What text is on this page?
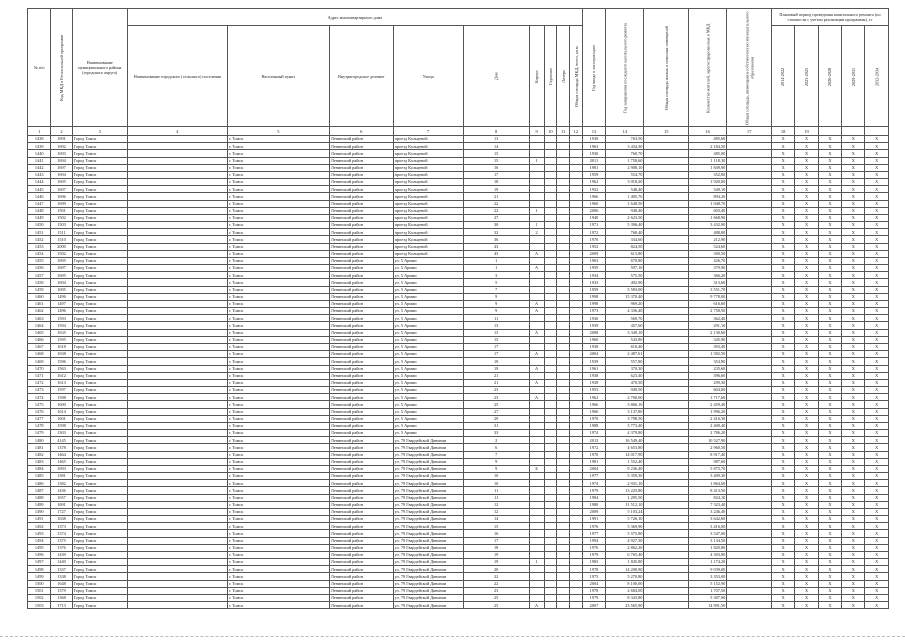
№ п/п	Код МКД в Региональной программе	Наименование муниципального района (городского округа)	Адрес многоквартирного дома									Год ввода в эксплуатацию	Год завершения последнего капитального ремонта	Общая площадь жилых и нежилых помещений	Количество жителей, зарегистрированных в МКД	Общая площадь, являющаяся собственностью муниципального образования	Плановый период проведения капитального ремонта (по стоимости с учетом реализации программы), гг				
			Наименование городского (сельского) поселения	Населенный пункт	Внутригородское деление	Улица	Дом	Корпус	Строение	Литера	Общая площадь МКД, всего, кв.м						2014-2022	2023-2025	2026-2028	2029-2031	2032-2034
1	2	3	4	5	6	7	8	9	10	11	12	13	14	15	16	17	18	19			
1438	1691	Город Томск		г. Томск	Ленинский район	проезд Кольцевой	13					1930	763,50		485,60		Х	Х	Х	Х	Х
1439	1692	Город Томск		г. Томск	Ленинский район	проезд Кольцевой	14					1963	3 434,30		2 184,50		Х	Х	Х	Х	Х
1440	1693	Город Томск		г. Томск	Ленинский район	проезд Кольцевой	15					1930	760,70		485,00		Х	Х	Х	Х	Х
1441	1694	Город Томск		г. Томск	Ленинский район	проезд Кольцевой	15	1				2011	1 758,60		1 118,30		Х	Х	Х	Х	Х
1442	1697	Город Томск		г. Томск	Ленинский район	проезд Кольцевой	16					1981	2 908,10		1 849,90		Х	Х	Х	Х	Х
1443	1694	Город Томск		г. Томск	Ленинский район	проезд Кольцевой	17					1959	554,70		352,80		Х	Х	Х	Х	Х
1444	1695	Город Томск		г. Томск	Ленинский район	проезд Кольцевой	18					1962	3 018,20		1 920,00		Х	Х	Х	Х	Х
1445	1697	Город Томск		г. Томск	Ленинский район	проезд Кольцевой	19					1952	548,40		349,10		Х	Х	Х	Х	Х
1446	1696	Город Томск		г. Томск	Ленинский район	проезд Кольцевой	21					1966	1 405,70		894,20		Х	Х	Х	Х	Х
1447	1699	Город Томск		г. Томск	Ленинский район	проезд Кольцевой	22					1960	1 648,50		1 048,70		Х	Х	Х	Х	Х
1448	1501	Город Томск		г. Томск	Ленинский район	проезд Кольцевой	22	1				2006	948,40		603,40		Х	Х	Х	Х	Х
1449	1502	Город Томск		г. Томск	Ленинский район	проезд Кольцевой	27					1940	2 623,50		1 668,90		Х	Х	Х	Х	Х
1450	1503	Город Томск		г. Томск	Ленинский район	проезд Кольцевой	30	1				1971	5 396,40		3 432,90		Х	Х	Х	Х	Х
1451	1511	Город Томск		г. Томск	Ленинский район	проезд Кольцевой	32	2				1972	768,40		488,80		Х	Х	Х	Х	Х
1452	1510	Город Томск		г. Томск	Ленинский район	проезд Кольцевой	36					1970	334,60		212,90		Х	Х	Х	Х	Х
1453	2000	Город Томск		г. Томск	Ленинский район	проезд Кольцевой	43					1952	824,50		524,60		Х	Х	Х	Х	Х
1454	1502	Город Томск		г. Томск	Ленинский район	проезд Кольцевой	43	А				2009	613,80		390,50		Х	Х	Х	Х	Х
1455	1695	Город Томск		г. Томск	Ленинский район	ул. 5 Армии	1					1963	670,80		426,70		Х	Х	Х	Х	Х
1456	1697	Город Томск		г. Томск	Ленинский район	ул. 5 Армии	1	А				1959	597,10		379,90		Х	Х	Х	Х	Х
1457	1695	Город Томск		г. Томск	Ленинский район	ул. 5 Армии	3					1934	575,50		366,20		Х	Х	Х	Х	Х
1458	1694	Город Томск		г. Томск	Ленинский район	ул. 5 Армии	5					1933	492,90		313,60		Х	Х	Х	Х	Х
1459	1695	Город Томск		г. Томск	Ленинский район	ул. 5 Армии	7					1959	5 583,00		3 551,70		Х	Х	Х	Х	Х
1460	1496	Город Томск		г. Томск	Ленинский район	ул. 5 Армии	9					1998	15 370,40		9 778,00		Х	Х	Х	Х	Х
1461	1497	Город Томск		г. Томск	Ленинский район	ул. 5 Армии	9	А				1998	969,20		616,60		Х	Х	Х	Х	Х
1462	1496	Город Томск		г. Томск	Ленинский район	ул. 5 Армии	9	А				1973	4 336,40		2 758,50		Х	Х	Х	Х	Х
1463	1593	Город Томск		г. Томск	Ленинский район	ул. 5 Армии	11					1936	569,70		362,40		Х	Х	Х	Х	Х
1464	1594	Город Томск		г. Томск	Ленинский район	ул. 5 Армии	13					1939	457,60		291,10		Х	Х	Х	Х	Х
1465	1635	Город Томск		г. Томск	Ленинский район	ул. 5 Армии	13	А				2008	3 349,10		2 130,60		Х	Х	Х	Х	Х
1466	1595	Город Томск		г. Томск	Ленинский район	ул. 5 Армии	15					1960	543,80		345,90		Х	Х	Х	Х	Х
1467	1618	Город Томск		г. Томск	Ленинский район	ул. 5 Армии	17					1938	618,40		393,40		Х	Х	Х	Х	Х
1468	1638	Город Томск		г. Томск	Ленинский район	ул. 5 Армии	17	А				2004	2 487,61		1 582,50		Х	Х	Х	Х	Х
1469	1596	Город Томск		г. Томск	Ленинский район	ул. 5 Армии	19					1939	557,80		354,80		Х	Х	Х	Х	Х
1470	1563	Город Томск		г. Томск	Ленинский район	ул. 5 Армии	19	А				1961	370,30		235,60		Х	Х	Х	Х	Х
1471	1612	Город Томск		г. Томск	Ленинский район	ул. 5 Армии	21					1938	623,40		396,60		Х	Х	Х	Х	Х
1472	1613	Город Томск		г. Томск	Ленинский район	ул. 5 Армии	21	А				1938	470,50		299,30		Х	Х	Х	Х	Х
1473	1597	Город Томск		г. Томск	Ленинский район	ул. 5 Армии	23					1953	949,50		604,00		Х	Х	Х	Х	Х
1474	1598	Город Томск		г. Томск	Ленинский район	ул. 5 Армии	23	А				1962	2 700,00		1 717,60		Х	Х	Х	Х	Х
1475	1600	Город Томск		г. Томск	Ленинский район	ул. 5 Армии	25					1966	3 866,10		2 459,40		Х	Х	Х	Х	Х
1476	1614	Город Томск		г. Томск	Ленинский район	ул. 5 Армии	27					1966	3 137,80		1 996,20		Х	Х	Х	Х	Х
1477	1601	Город Томск		г. Томск	Ленинский район	ул. 5 Армии	29					1970	3 798,50		2 416,30		Х	Х	Х	Х	Х
1478	1598	Город Томск		г. Томск	Ленинский район	ул. 5 Армии	31					1988	3 773,40		2 400,40		Х	Х	Х	Х	Х
1479	1303	Город Томск		г. Томск	Ленинский район	ул. 5 Армии	33					1974	4 379,80		2 786,20		Х	Х	Х	Х	Х
1480	4145	Город Томск		г. Томск	Ленинский район	ул. 79 Гвардейской Дивизии	2					2013	16 549,40		10 527,90		Х	Х	Х	Х	Х
1481	1378	Город Томск		г. Томск	Ленинский район	ул. 79 Гвардейской Дивизии	6					1972	4 653,80		2 960,50		Х	Х	Х	Х	Х
1482	1464	Город Томск		г. Томск	Ленинский район	ул. 79 Гвардейской Дивизии	7					1970	14 017,90		8 917,40		Х	Х	Х	Х	Х
1483	1465	Город Томск		г. Томск	Ленинский район	ул. 79 Гвардейской Дивизии	9					1981	1 552,40		987,60		Х	Х	Х	Х	Х
1484	1693	Город Томск		г. Томск	Ленинский район	ул. 79 Гвардейской Дивизии	9	Б				2004	9 236,40		5 875,70		Х	Х	Х	Х	Х
1485	1381	Город Томск		г. Томск	Ленинский район	ул. 79 Гвардейской Дивизии	10					1977	5 359,30		3 409,30		Х	Х	Х	Х	Х
1486	1382	Город Томск		г. Томск	Ленинский район	ул. 79 Гвардейской Дивизии	10					1974	2 931,10		1 864,60		Х	Х	Х	Х	Х
1487	1436	Город Томск		г. Томск	Ленинский район	ул. 79 Гвардейской Дивизии	11					1979	13 225,80		8 413,50		Х	Х	Х	Х	Х
1488	1657	Город Томск		г. Томск	Ленинский район	ул. 79 Гвардейской Дивизии	11					1984	1 295,50		824,10		Х	Х	Х	Х	Х
1489	1691	Город Томск		г. Томск	Ленинский район	ул. 79 Гвардейской Дивизии	12					1980	11 512,10		7 323,40		Х	Х	Х	Х	Х
1490	1727	Город Томск		г. Томск	Ленинский район	ул. 79 Гвардейской Дивизии	12					2009	5 103,24		3 246,40		Х	Х	Х	Х	Х
1491	1638	Город Томск		г. Томск	Ленинский район	ул. 79 Гвардейской Дивизии	14					1991	5 726,10		3 642,60		Х	Х	Х	Х	Х
1492	1373	Город Томск		г. Томск	Ленинский район	ул. 79 Гвардейской Дивизии	15					1976	5 369,90		3 416,00		Х	Х	Х	Х	Х
1493	1374	Город Томск		г. Томск	Ленинский район	ул. 79 Гвардейской Дивизии	16					1977	5 575,80		3 547,00		Х	Х	Х	Х	Х
1494	1375	Город Томск		г. Томск	Ленинский район	ул. 79 Гвардейской Дивизии	17					1994	4 927,30		3 134,50		Х	Х	Х	Х	Х
1495	1376	Город Томск		г. Томск	Ленинский район	ул. 79 Гвардейской Дивизии	18					1976	2 862,20		1 820,80		Х	Х	Х	Х	Х
1496	1439	Город Томск		г. Томск	Ленинский район	ул. 79 Гвардейской Дивизии	19					1979	6 765,40		4 303,80		Х	Х	Х	Х	Х
1497	1440	Город Томск		г. Томск	Ленинский район	ул. 79 Гвардейской Дивизии	19	1				1983	1 845,80		1 174,20		Х	Х	Х	Х	Х
1498	1337	Город Томск		г. Томск	Ленинский район	ул. 79 Гвардейской Дивизии	20					1978	14 208,90		9 039,00		Х	Х	Х	Х	Х
1499	1338	Город Томск		г. Томск	Ленинский район	ул. 79 Гвардейской Дивизии	22					1975	5 270,80		3 353,00		Х	Х	Х	Х	Х
1500	1648	Город Томск		г. Томск	Ленинский район	ул. 79 Гвардейской Дивизии	22					2004	8 100,00		5 152,90		Х	Х	Х	Х	Х
1501	1379	Город Томск		г. Томск	Ленинский район	ул. 79 Гвардейской Дивизии	23					1978	2 684,00		1 707,50		Х	Х	Х	Х	Х
1502	1368	Город Томск		г. Томск	Ленинский район	ул. 79 Гвардейской Дивизии	25					1979	8 343,80		5 307,90		Х	Х	Х	Х	Х
1503	1713	Город Томск		г. Томск	Ленинский район	ул. 79 Гвардейской Дивизии	25	А				2007	23 565,90		14 991,50		Х	Х	Х	Х	Х
